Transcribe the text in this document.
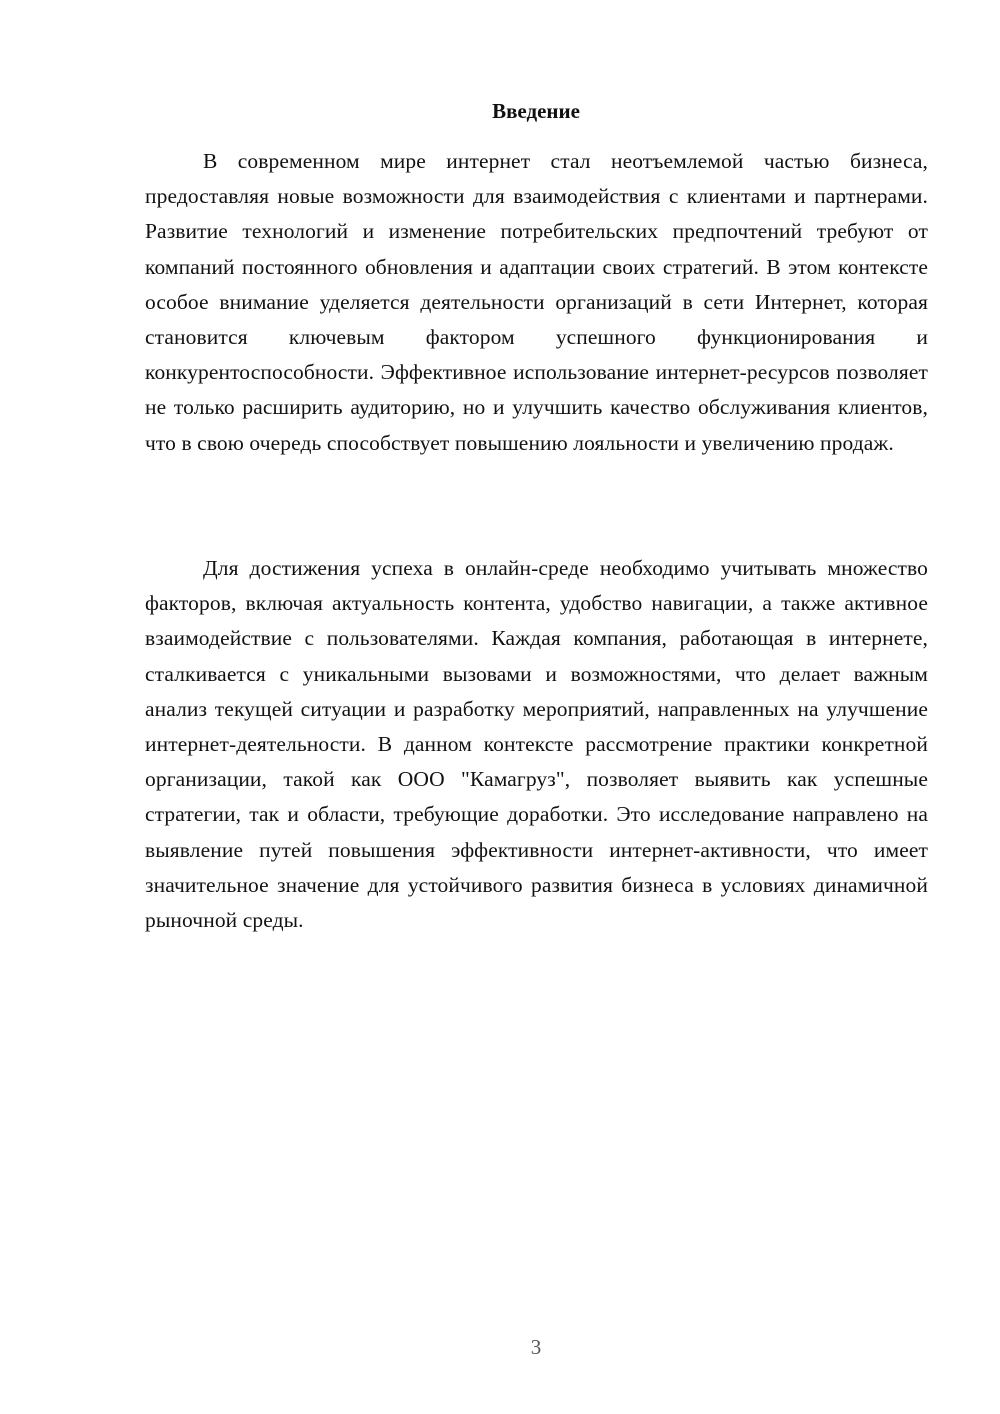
Введение

В современном мире интернет стал неотъемлемой частью бизнеса, предоставляя новые возможности для взаимодействия с клиентами и партнерами. Развитие технологий и изменение потребительских предпочтений требуют от компаний постоянного обновления и адаптации своих стратегий. В этом контексте особое внимание уделяется деятельности организаций в сети Интернет, которая становится ключевым фактором успешного функционирования и конкурентоспособности. Эффективное использование интернет-ресурсов позволяет не только расширить аудиторию, но и улучшить качество обслуживания клиентов, что в свою очередь способствует повышению лояльности и увеличению продаж.

Для достижения успеха в онлайн-среде необходимо учитывать множество факторов, включая актуальность контента, удобство навигации, а также активное взаимодействие с пользователями. Каждая компания, работающая в интернете, сталкивается с уникальными вызовами и возможностями, что делает важным анализ текущей ситуации и разработку мероприятий, направленных на улучшение интернет-деятельности. В данном контексте рассмотрение практики конкретной организации, такой как ООО "Камагруз", позволяет выявить как успешные стратегии, так и области, требующие доработки. Это исследование направлено на выявление путей повышения эффективности интернет-активности, что имеет значительное значение для устойчивого развития бизнеса в условиях динамичной рыночной среды.

3
